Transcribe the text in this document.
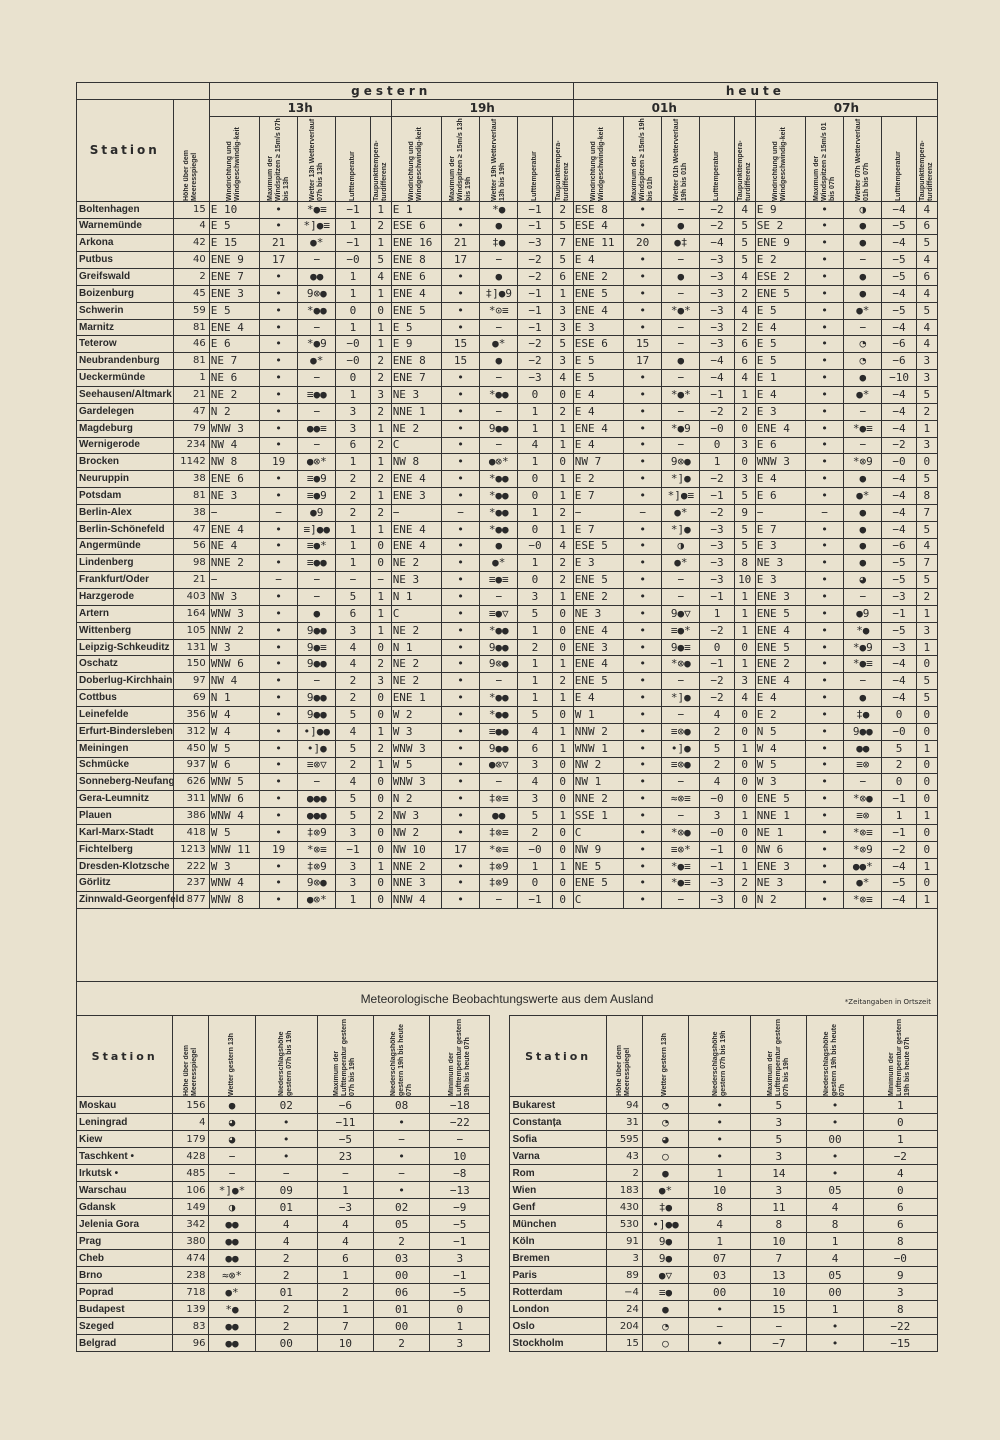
		gestern										heute									
Station	Höhe über dem Meeresspiegel	13h					19h					01h					07h				

		Windrichtung und Windgeschwindig-keit	Maximum der Windspitzen ≥ 15m/s 07h bis 13h	Wetter 13h Wetterverlauf 07h bis 13h	Lufttemperatur	Taupunkttempera-turdifferenz	Windrichtung und Windgeschwindig-keit	Maximum der Windspitzen ≥ 15m/s 13h bis 19h	Wetter 19h Wetterverlauf 13h bis 19h	Lufttemperatur	Taupunkttempera-turdifferenz	Windrichtung und Windgeschwindig-keit	Maximum der Windspitzen ≥ 15m/s 19h bis 01h	Wetter 01h Wetterverlauf 19h bis 01h	Lufttemperatur	Taupunkttempera-turdifferenz	Windrichtung und Windgeschwindig-keit	Maximum der Windspitzen ≥ 15m/s 01 bis 07h	Wetter 07h Wetterverlauf 01h bis 07h	Lufttemperatur	Taupunkttempera-turdifferenz

Boltenhagen	15	E 10	•	*●≡	−1	1	E 1	•	*●	−1	2	ESE 8	•	−	−2	4	E 9	•	◑	−4	4
Warnemünde	4	E 5	•	*]●≡	1	2	ESE 6	•	●	−1	5	ESE 4	•	●	−2	5	SE 2	•	●	−5	6
Arkona	42	E 15	21	●*	−1	1	ENE 16	21	‡●	−3	7	ENE 11	20	●‡	−4	5	ENE 9	•	●	−4	5
Putbus	40	ENE 9	17	−	−0	5	ENE 8	17	−	−2	5	E 4	•	−	−3	5	E 2	•	−	−5	4
Greifswald	2	ENE 7	•	●●	1	4	ENE 6	•	●	−2	6	ENE 2	•	●	−3	4	ESE 2	•	●	−5	6
Boizenburg	45	ENE 3	•	9⊗●	1	1	ENE 4	•	‡]●9	−1	1	ENE 5	•	−	−3	2	ENE 5	•	●	−4	4
Schwerin	59	E 5	•	*●●	0	0	ENE 5	•	*⊙≡	−1	3	ENE 4	•	*●*	−3	4	E 5	•	●*	−5	5
Marnitz	81	ENE 4	•	−	1	1	E 5	•	−	−1	3	E 3	•	−	−3	2	E 4	•	−	−4	4
Teterow	46	E 6	•	*●9	−0	1	E 9	15	●*	−2	5	ESE 6	15	−	−3	6	E 5	•	◔	−6	4
Neubrandenburg	81	NE 7	•	●*	−0	2	ENE 8	15	●	−2	3	E 5	17	●	−4	6	E 5	•	◔	−6	3
Ueckermünde	1	NE 6	•	−	0	2	ENE 7	•	−	−3	4	E 5	•	−	−4	4	E 1	•	●	−10	3
Seehausen/Altmark	21	NE 2	•	≡●●	1	3	NE 3	•	*●●	0	0	E 4	•	*●*	−1	1	E 4	•	●*	−4	5
Gardelegen	47	N 2	•	−	3	2	NNE 1	•	−	1	2	E 4	•	−	−2	2	E 3	•	−	−4	2
Magdeburg	79	WNW 3	•	●●≡	3	1	NE 2	•	9●●	1	1	ENE 4	•	*●9	−0	0	ENE 4	•	*●≡	−4	1
Wernigerode	234	NW 4	•	−	6	2	C	•	−	4	1	E 4	•	−	0	3	E 6	•	−	−2	3
Brocken	1142	NW 8	19	●⊗*	1	1	NW 8	•	●⊗*	1	0	NW 7	•	9⊗●	1	0	WNW 3	•	*⊗9	−0	0
Neuruppin	38	ENE 6	•	≡●9	2	2	ENE 4	•	*●●	0	1	E 2	•	*]●	−2	3	E 4	•	●	−4	5
Potsdam	81	NE 3	•	≡●9	2	1	ENE 3	•	*●●	0	1	E 7	•	*]●≡	−1	5	E 6	•	●*	−4	8
Berlin-Alex	38	−	−	●9	2	2	−	−	*●●	1	2	−	−	●*	−2	9	−	−	●	−4	7
Berlin-Schönefeld	47	ENE 4	•	≡]●●	1	1	ENE 4	•	*●●	0	1	E 7	•	*]●	−3	5	E 7	•	●	−4	5
Angermünde	56	NE 4	•	≡●*	1	0	ENE 4	•	●	−0	4	ESE 5	•	◑	−3	5	E 3	•	●	−6	4
Lindenberg	98	NNE 2	•	≡●●	1	0	NE 2	•	●*	1	2	E 3	•	●*	−3	8	NE 3	•	●	−5	7
Frankfurt/Oder	21	−	−	−	−	−	NE 3	•	≡●≡	0	2	ENE 5	•	−	−3	10	E 3	•	◕	−5	5
Harzgerode	403	NW 3	•	−	5	1	N 1	•	−	3	1	ENE 2	•	−	−1	1	ENE 3	•	−	−3	2
Artern	164	WNW 3	•	●	6	1	C	•	≡●▽	5	0	NE 3	•	9●▽	1	1	ENE 5	•	●9	−1	1
Wittenberg	105	NNW 2	•	9●●	3	1	NE 2	•	*●●	1	0	ENE 4	•	≡●*	−2	1	ENE 4	•	*●	−5	3
Leipzig-Schkeuditz	131	W 3	•	9●≡	4	0	N 1	•	9●●	2	0	ENE 3	•	9●≡	0	0	ENE 5	•	*●9	−3	1
Oschatz	150	WNW 6	•	9●●	4	2	NE 2	•	9⊗●	1	1	ENE 4	•	*⊗●	−1	1	ENE 2	•	*●≡	−4	0
Doberlug-Kirchhain	97	NW 4	•	−	2	3	NE 2	•	−	1	2	ENE 5	•	−	−2	3	ENE 4	•	−	−4	5
Cottbus	69	N 1	•	9●●	2	0	ENE 1	•	*●●	1	1	E 4	•	*]●	−2	4	E 4	•	●	−4	5
Leinefelde	356	W 4	•	9●●	5	0	W 2	•	*●●	5	0	W 1	•	−	4	0	E 2	•	‡●	0	0
Erfurt-Bindersleben	312	W 4	•	•]●●	4	1	W 3	•	≡●●	4	1	NNW 2	•	≡⊗●	2	0	N 5	•	9●●	−0	0
Meiningen	450	W 5	•	•]●	5	2	WNW 3	•	9●●	6	1	WNW 1	•	•]●	5	1	W 4	•	●●	5	1
Schmücke	937	W 6	•	≡⊗▽	2	1	W 5	•	●⊗▽	3	0	NW 2	•	≡⊗●	2	0	W 5	•	≡⊗	2	0
Sonneberg-Neufang	626	WNW 5	•	−	4	0	WNW 3	•	−	4	0	NW 1	•	−	4	0	W 3	•	−	0	0
Gera-Leumnitz	311	WNW 6	•	●●●	5	0	N 2	•	‡⊗≡	3	0	NNE 2	•	≈⊗≡	−0	0	ENE 5	•	*⊗●	−1	0
Plauen	386	WNW 4	•	●●●	5	2	NW 3	•	●●	5	1	SSE 1	•	−	3	1	NNE 1	•	≡⊗	1	1
Karl-Marx-Stadt	418	W 5	•	‡⊗9	3	0	NW 2	•	‡⊗≡	2	0	C	•	*⊗●	−0	0	NE 1	•	*⊗≡	−1	0
Fichtelberg	1213	WNW 11	19	*⊗≡	−1	0	NW 10	17	*⊗≡	−0	0	NW 9	•	≡⊗*	−1	0	NW 6	•	*⊗9	−2	0
Dresden-Klotzsche	222	W 3	•	‡⊗9	3	1	NNE 2	•	‡⊗9	1	1	NE 5	•	*●≡	−1	1	ENE 3	•	●●*	−4	1
Görlitz	237	WNW 4	•	9⊗●	3	0	NNE 3	•	‡⊗9	0	0	ENE 5	•	*●≡	−3	2	NE 3	•	●*	−5	0
Zinnwald-Georgenfeld	877	WNW 8	•	●⊗*	1	0	NNW 4	•	−	−1	0	C	•	−	−3	0	N 2	•	*⊗≡	−4	1
Meteorologische Beobachtungswerte aus dem Ausland	*Zeitangaben in Ortszeit
Station	Höhe über dem Meeresspiegel	Wetter gestern 13h	Niederschlagshöhe gestern 07h bis 19h	Maximum der Lufttemperatur gestern 07h bis 19h	Niederschlagshöhe gestern 19h bis heute 07h	Minimum der Lufttemperatur gestern 19h bis heute 07h		Station	Höhe über dem Meeresspiegel	Wetter gestern 13h	Niederschlagshöhe gestern 07h bis 19h	Maximum der Lufttemperatur gestern 07h bis 19h	Niederschlagshöhe gestern 19h bis heute 07h	Minimum der Lufttemperatur gestern 19h bis heute 07h

Moskau	156	●	02	−6	08	−18		Bukarest	94	◔	•	5	•	1
Leningrad	4	◕	•	−11	•	−22		Constanța	31	◔	•	3	•	0
Kiew	179	◕	•	−5	−	−		Sofia	595	◕	•	5	00	1
Taschkent •	428	−	•	23	•	10		Varna	43	○	•	3	•	−2
Irkutsk •	485	−	−	−	−	−8		Rom	2	●	1	14	•	4
Warschau	106	*]●*	09	1	•	−13		Wien	183	●*	10	3	05	0
Gdansk	149	◑	01	−3	02	−9		Genf	430	‡●	8	11	4	6
Jelenia Gora	342	●●	4	4	05	−5		München	530	•]●●	4	8	8	6
Prag	380	●●	4	4	2	−1		Köln	91	9●	1	10	1	8
Cheb	474	●●	2	6	03	3		Bremen	3	9●	07	7	4	−0
Brno	238	≈⊗*	2	1	00	−1		Paris	89	●▽	03	13	05	9
Poprad	718	●*	01	2	06	−5		Rotterdam	−4	≡●	00	10	00	3
Budapest	139	*●	2	1	01	0		London	24	●	•	15	1	8
Szeged	83	●●	2	7	00	1		Oslo	204	◔	−	−	•	−22
Belgrad	96	●●	00	10	2	3		Stockholm	15	○	•	−7	•	−15
